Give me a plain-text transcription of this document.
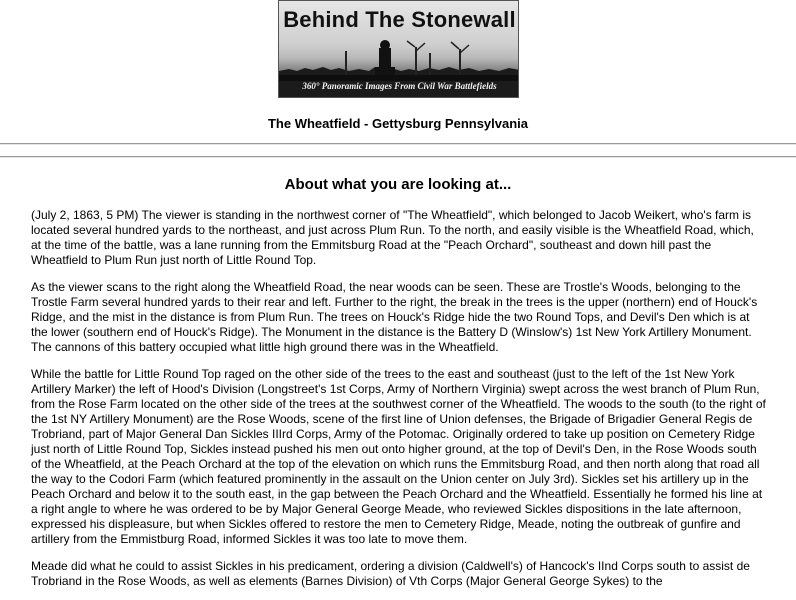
Behind The Stonewall
360° Panoramic Images From Civil War Battlefields
The Wheatfield - Gettysburg Pennsylvania
About what you are looking at...

(July 2, 1863, 5 PM) The viewer is standing in the northwest corner of "The Wheatfield", which belonged to Jacob Weikert, who's farm is located several hundred yards to the northeast, and just across Plum Run. To the north, and easily visible is the Wheatfield Road, which, at the time of the battle, was a lane running from the Emmitsburg Road at the "Peach Orchard", southeast and down hill past the Wheatfield to Plum Run just north of Little Round Top.

As the viewer scans to the right along the Wheatfield Road, the near woods can be seen. These are Trostle's Woods, belonging to the Trostle Farm several hundred yards to their rear and left. Further to the right, the break in the trees is the upper (northern) end of Houck's Ridge, and the mist in the distance is from Plum Run. The trees on Houck's Ridge hide the two Round Tops, and Devil's Den which is at the lower (southern end of Houck's Ridge). The Monument in the distance is the Battery D (Winslow's) 1st New York Artillery Monument. The cannons of this battery occupied what little high ground there was in the Wheatfield.

While the battle for Little Round Top raged on the other side of the trees to the east and southeast (just to the left of the 1st New York Artillery Marker) the left of Hood's Division (Longstreet's 1st Corps, Army of Northern Virginia) swept across the west branch of Plum Run, from the Rose Farm located on the other side of the trees at the southwest corner of the Wheatfield. The woods to the south (to the right of the 1st NY Artillery Monument) are the Rose Woods, scene of the first line of Union defenses, the Brigade of Brigadier General Regis de Trobriand, part of Major General Dan Sickles IIIrd Corps, Army of the Potomac. Originally ordered to take up position on Cemetery Ridge just north of Little Round Top, Sickles instead pushed his men out onto higher ground, at the top of Devil's Den, in the Rose Woods south of the Wheatfield, at the Peach Orchard at the top of the elevation on which runs the Emmitsburg Road, and then north along that road all the way to the Codori Farm (which featured prominently in the assault on the Union center on July 3rd). Sickles set his artillery up in the Peach Orchard and below it to the south east, in the gap between the Peach Orchard and the Wheatfield. Essentially he formed his line at a right angle to where he was ordered to be by Major General George Meade, who reviewed Sickles dispositions in the late afternoon, expressed his displeasure, but when Sickles offered to restore the men to Cemetery Ridge, Meade, noting the outbreak of gunfire and artillery from the Emmistburg Road, informed Sickles it was too late to move them.

Meade did what he could to assist Sickles in his predicament, ordering a division (Caldwell's) of Hancock's IInd Corps south to assist de Trobriand in the Rose Woods, as well as elements (Barnes Division) of Vth Corps (Major General George Sykes) to the
